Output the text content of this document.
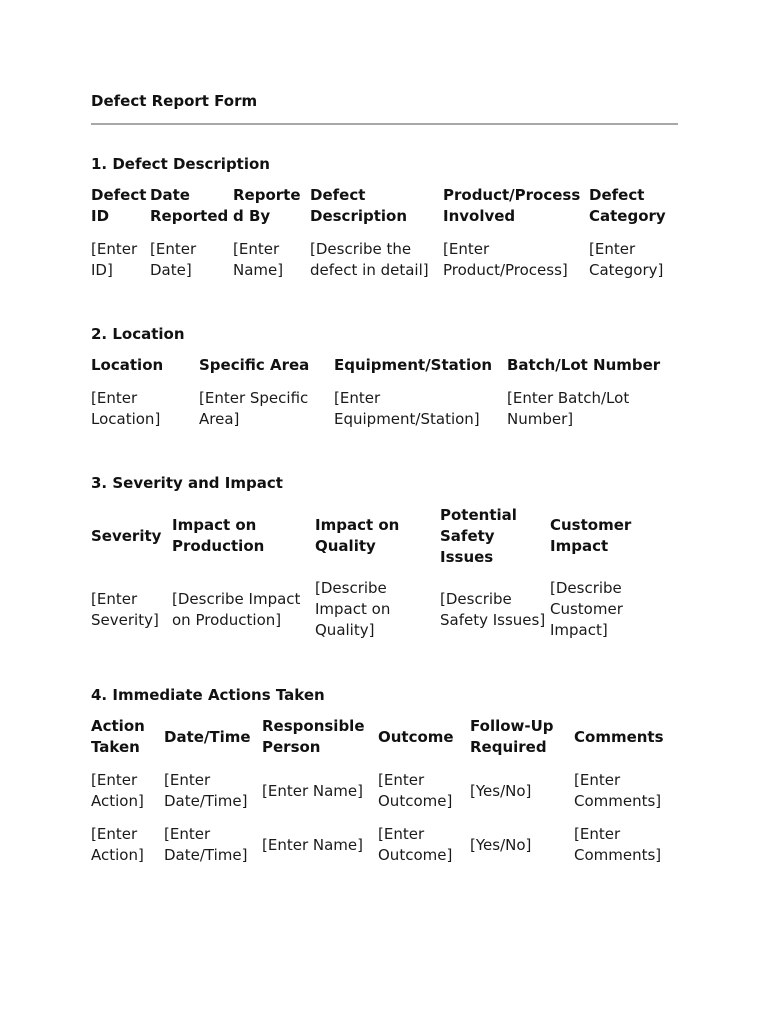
Defect Report Form
1. Defect Description
Defect ID	Date Reported	Reported By	Defect Description	Product/Process Involved	Defect Category

[Enter ID]	[Enter Date]	[Enter Name]	[Describe the defect in detail]	[Enter Product/Process]	[Enter Category]
2. Location
Location	Specific Area	Equipment/Station	Batch/Lot Number

[Enter Location]	[Enter Specific Area]	[Enter Equipment/Station]	[Enter Batch/Lot Number]
3. Severity and Impact
Severity	Impact on Production	Impact on Quality	Potential Safety Issues	Customer Impact

[Enter Severity]	[Describe Impact on Production]	[Describe Impact on Quality]	[Describe Safety Issues]	[Describe Customer Impact]
4. Immediate Actions Taken
Action Taken	Date/Time	Responsible Person	Outcome	Follow-Up Required	Comments

[Enter Action]	[Enter Date/Time]	[Enter Name]	[Enter Outcome]	[Yes/No]	[Enter Comments]

[Enter Action]	[Enter Date/Time]	[Enter Name]	[Enter Outcome]	[Yes/No]	[Enter Comments]
